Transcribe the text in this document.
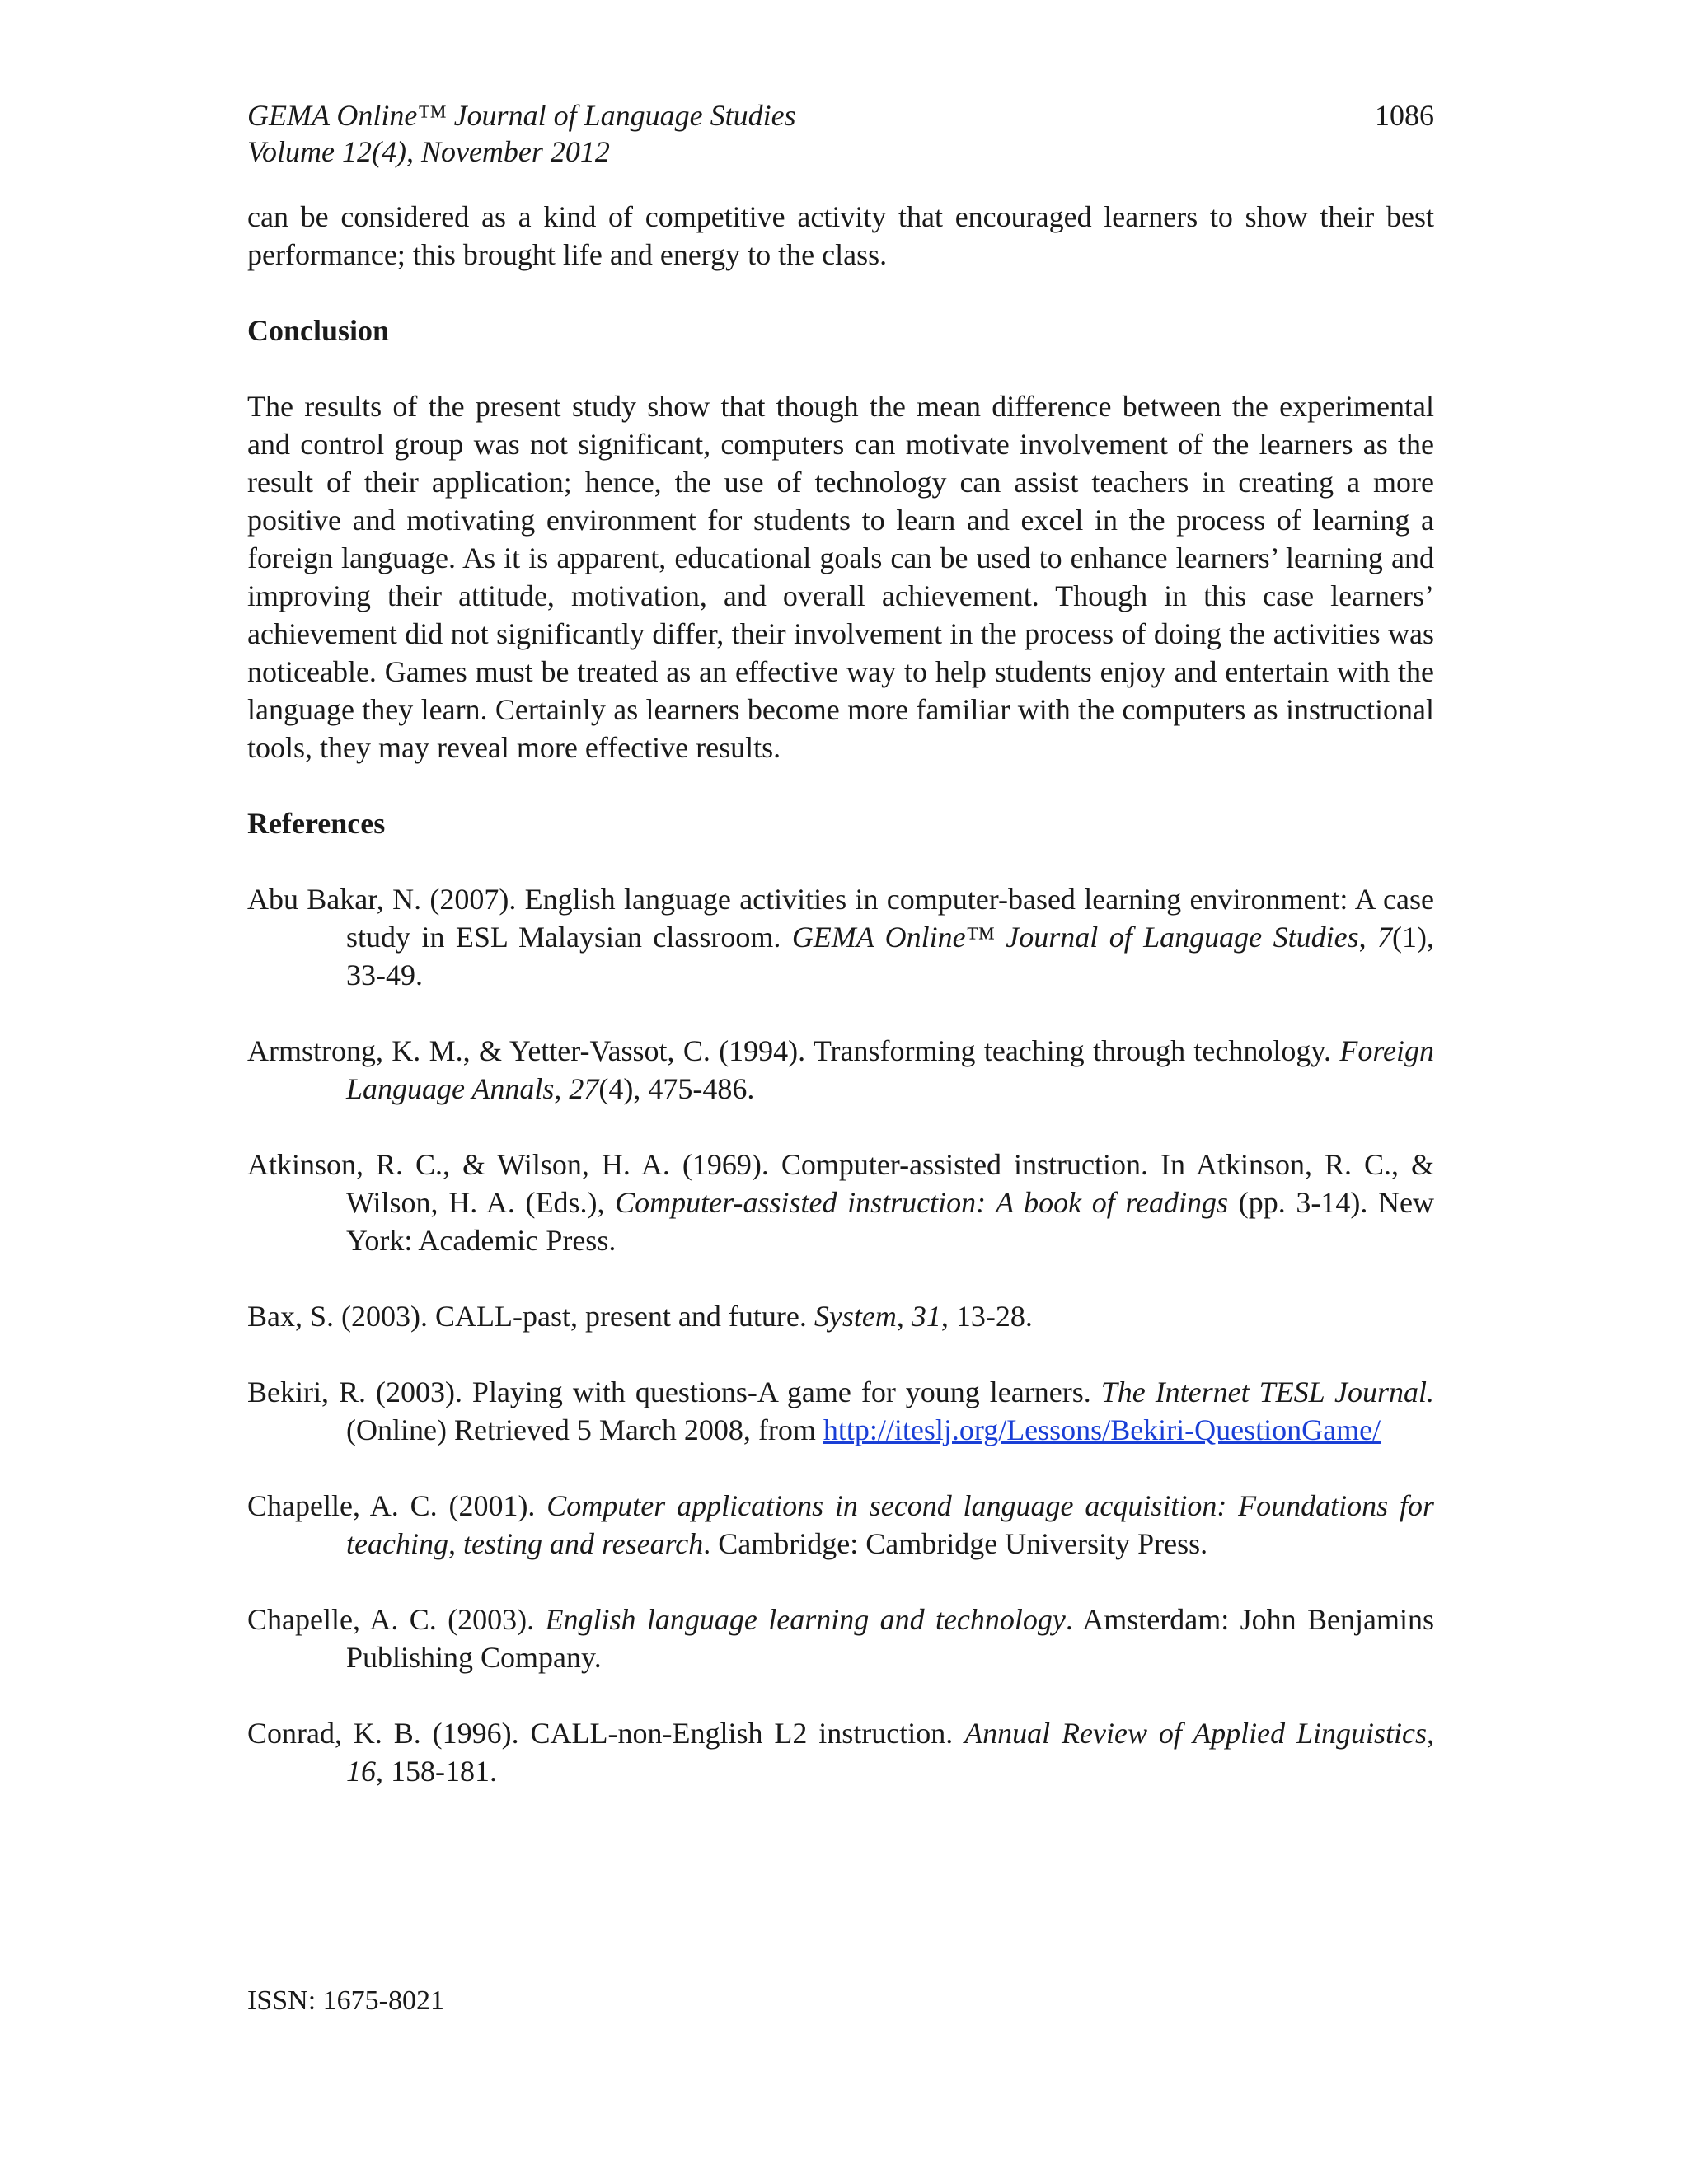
GEMA Online™ Journal of Language Studies
Volume 12(4), November 2012
1086

can be considered as a kind of competitive activity that encouraged learners to show their best performance; this brought life and energy to the class.

Conclusion

The results of the present study show that though the mean difference between the experimental and control group was not significant, computers can motivate involvement of the learners as the result of their application; hence, the use of technology can assist teachers in creating a more positive and motivating environment for students to learn and excel in the process of learning a foreign language. As it is apparent, educational goals can be used to enhance learners’ learning and improving their attitude, motivation, and overall achievement. Though in this case learners’ achievement did not significantly differ, their involvement in the process of doing the activities was noticeable. Games must be treated as an effective way to help students enjoy and entertain with the language they learn. Certainly as learners become more familiar with the computers as instructional tools, they may reveal more effective results.

References

Abu Bakar, N. (2007). English language activities in computer-based learning environment: A case study in ESL Malaysian classroom. GEMA Online™ Journal of Language Studies, 7(1), 33-49.

Armstrong, K. M., & Yetter-Vassot, C. (1994). Transforming teaching through technology. Foreign Language Annals, 27(4), 475-486.

Atkinson, R. C., & Wilson, H. A. (1969). Computer-assisted instruction. In Atkinson, R. C., & Wilson, H. A. (Eds.), Computer-assisted instruction: A book of readings (pp. 3-14). New York: Academic Press.

Bax, S. (2003). CALL-past, present and future. System, 31, 13-28.

Bekiri, R. (2003). Playing with questions-A game for young learners. The Internet TESL Journal. (Online) Retrieved 5 March 2008, from http://iteslj.org/Lessons/Bekiri-QuestionGame/

Chapelle, A. C. (2001). Computer applications in second language acquisition: Foundations for teaching, testing and research. Cambridge: Cambridge University Press.

Chapelle, A. C. (2003). English language learning and technology. Amsterdam: John Benjamins Publishing Company.

Conrad, K. B. (1996). CALL-non-English L2 instruction. Annual Review of Applied Linguistics, 16, 158-181.

ISSN: 1675-8021
